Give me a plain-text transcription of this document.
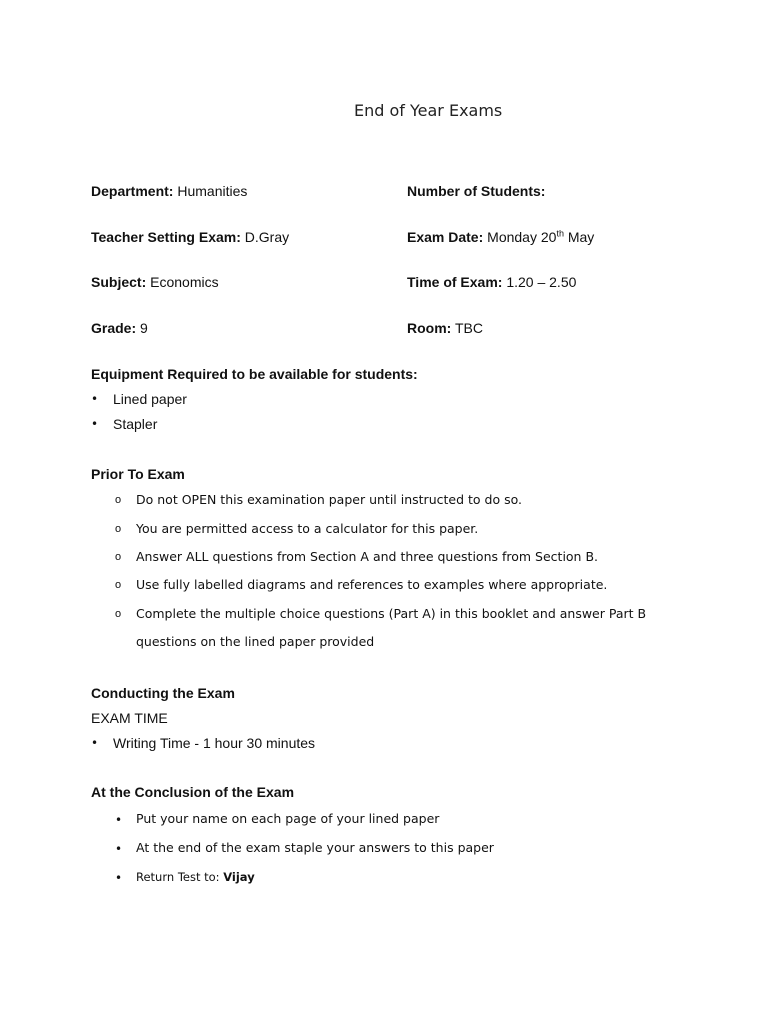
End of Year Exams
Department: Humanities	Number of Students:
Teacher Setting Exam: D.Gray	Exam Date: Monday 20th May
Subject: Economics	Time of Exam: 1.20 – 2.50
Grade: 9	Room: TBC
Equipment Required to be available for students:
• Lined paper
• Stapler
Prior To Exam
o Do not OPEN this examination paper until instructed to do so.
o You are permitted access to a calculator for this paper.
o Answer ALL questions from Section A and three questions from Section B.
o Use fully labelled diagrams and references to examples where appropriate.
o Complete the multiple choice questions (Part A) in this booklet and answer Part B
questions on the lined paper provided
Conducting the Exam
EXAM TIME
• Writing Time - 1 hour 30 minutes
At the Conclusion of the Exam
• Put your name on each page of your lined paper
• At the end of the exam staple your answers to this paper
• Return Test to: Vijay
